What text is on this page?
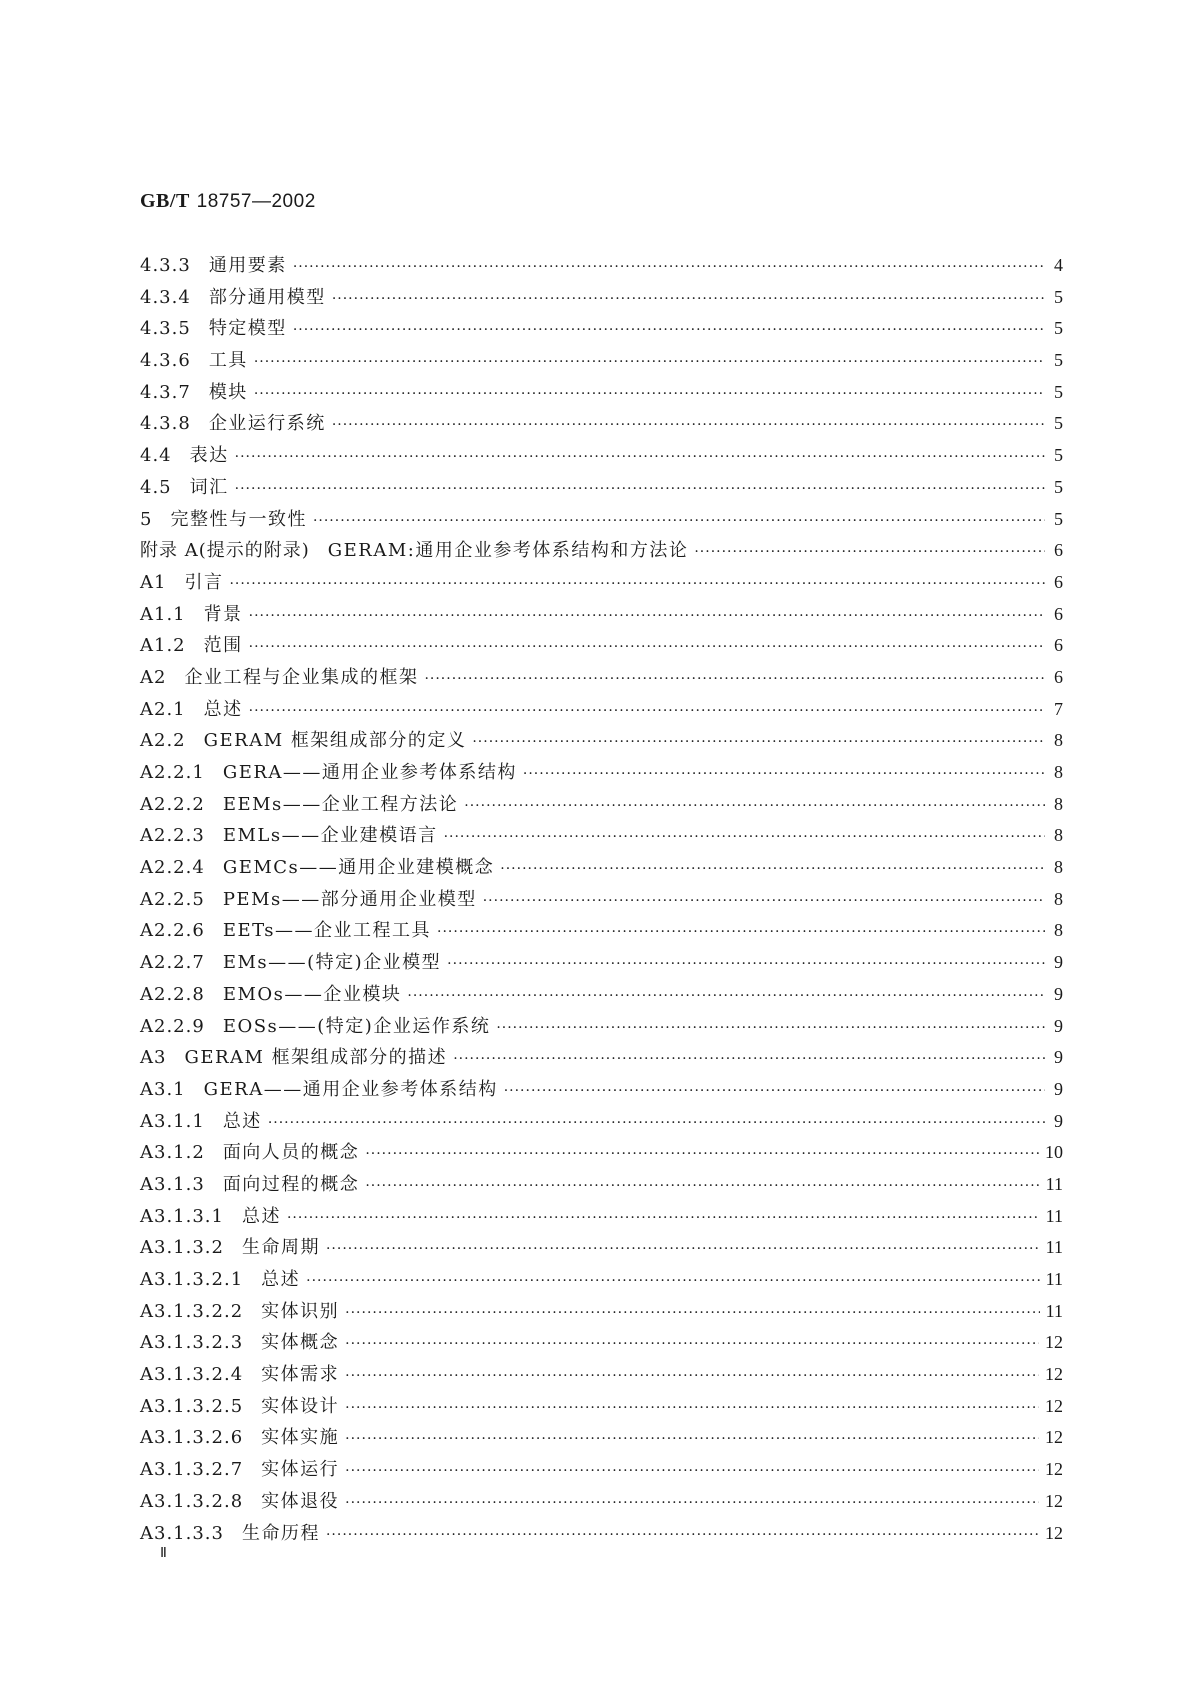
GB/T 18757—2002
4.3.3 通用要素 ·····	4
4.3.4 部分通用模型 ·····	5
4.3.5 特定模型 ·····	5
4.3.6 工具 ·····	5
4.3.7 模块 ·····	5
4.3.8 企业运行系统 ·····	5
4.4 表达 ·····	5
4.5 词汇 ·····	5
5 完整性与一致性 ·····	5
附录 A(提示的附录) GERAM:通用企业参考体系结构和方法论 ·····	6
A1 引言 ·····	6
A1.1 背景 ·····	6
A1.2 范围 ·····	6
A2 企业工程与企业集成的框架 ·····	6
A2.1 总述 ·····	7
A2.2 GERAM 框架组成部分的定义 ·····	8
A2.2.1 GERA——通用企业参考体系结构 ·····	8
A2.2.2 EEMs——企业工程方法论 ·····	8
A2.2.3 EMLs——企业建模语言 ·····	8
A2.2.4 GEMCs——通用企业建模概念 ·····	8
A2.2.5 PEMs——部分通用企业模型 ·····	8
A2.2.6 EETs——企业工程工具 ·····	8
A2.2.7 EMs——(特定)企业模型 ·····	9
A2.2.8 EMOs——企业模块 ·····	9
A2.2.9 EOSs——(特定)企业运作系统 ·····	9
A3 GERAM 框架组成部分的描述 ·····	9
A3.1 GERA——通用企业参考体系结构 ·····	9
A3.1.1 总述 ·····	9
A3.1.2 面向人员的概念 ·····	10
A3.1.3 面向过程的概念 ·····	11
A3.1.3.1 总述 ·····	11
A3.1.3.2 生命周期 ·····	11
A3.1.3.2.1 总述 ·····	11
A3.1.3.2.2 实体识别 ·····	11
A3.1.3.2.3 实体概念 ·····	12
A3.1.3.2.4 实体需求 ·····	12
A3.1.3.2.5 实体设计 ·····	12
A3.1.3.2.6 实体实施 ·····	12
A3.1.3.2.7 实体运行 ·····	12
A3.1.3.2.8 实体退役 ·····	12
A3.1.3.3 生命历程 ·····	12
Ⅱ
